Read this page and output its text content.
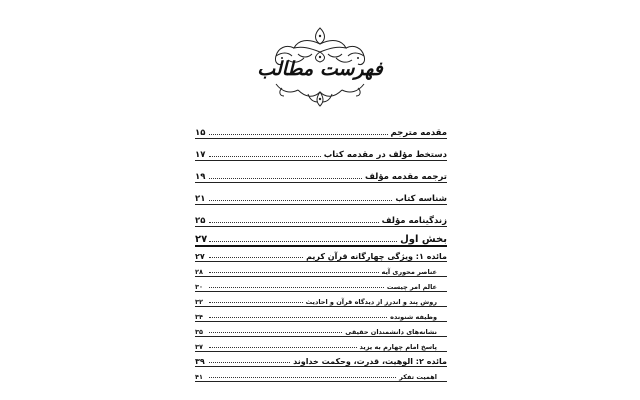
فهرست مطالب
مقدمه مترجم
۱۵
دستخط مؤلف در مقدمه کتاب
۱۷
ترجمه مقدمه مؤلف
۱۹
شناسه کتاب
۲۱
زندگینامه مؤلف
۲۵
بخش اول
۲۷
مائده ۱: ویژگی چهارگانه قرآن کریم
۲۷
عناصر محوری آیه
۲۸
عالم امر چیست
۳۰
روش پند و اندرز از دیدگاه قرآن و احادیث
۳۲
وظیفه شنونده
۳۴
نشانه‌های دانشمندان حقیقی
۳۵
پاسخ امام چهارم به یزید
۳۷
مائده ۲: الوهیت، قدرت، وحکمت خداوند
۳۹
اهمیت تفکر
۴۱
